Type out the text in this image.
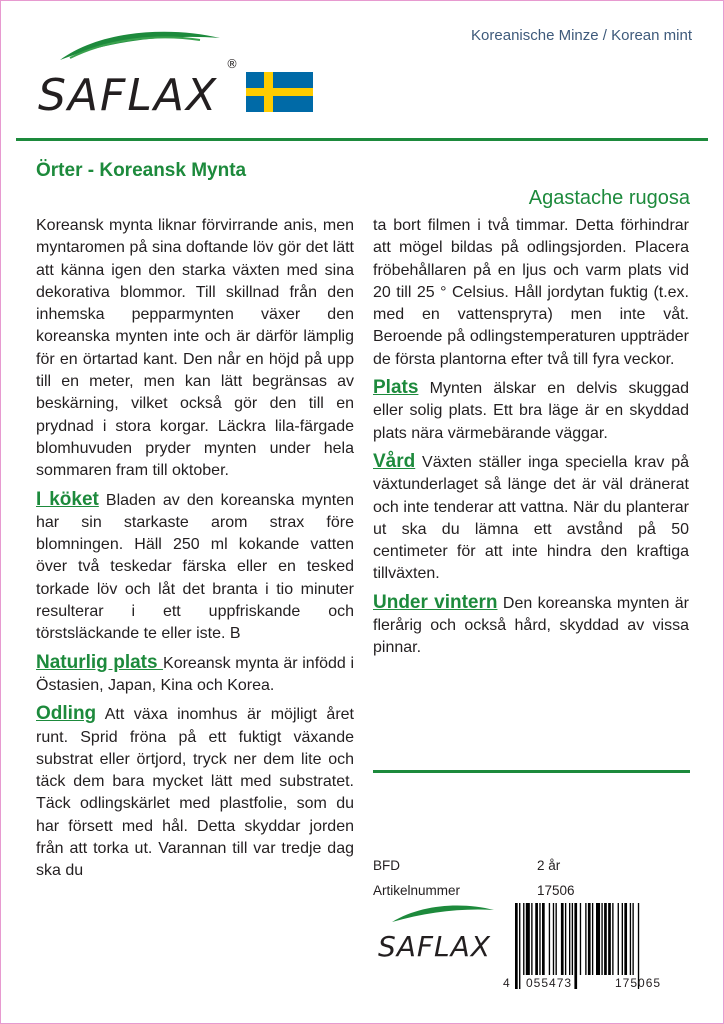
SAFLAX
®
Koreanische Minze / Korean mint
Örter - Koreansk Mynta
Agastache rugosa

Koreansk mynta liknar förvirrande anis, men myntaromen på sina doftande löv gör det lätt att känna igen den starka växten med sina dekorativa blommor. Till skillnad från den inhemska pepparmynten växer den koreanska mynten inte och är därför lämplig för en örtartad kant. Den når en höjd på upp till en meter, men kan lätt begränsas av beskärning, vilket också gör den till en prydnad i stora korgar. Läckra lila-färgade blomhuvuden pryder mynten under hela sommaren fram till oktober.

I köket Bladen av den koreanska mynten har sin starkaste arom strax före blomningen. Häll 250 ml kokande vatten över två teskedar färska eller en tesked torkade löv och låt det branta i tio minuter resulterar i ett uppfriskande och törstsläckande te eller iste. B

Naturlig plats Koreansk mynta är infödd i Östasien, Japan, Kina och Korea.

Odling Att växa inomhus är möjligt året runt. Sprid fröna på ett fuktigt växande substrat eller örtjord, tryck ner dem lite och täck dem bara mycket lätt med substratet. Täck odlingskärlet med plastfolie, som du har försett med hål. Detta skyddar jorden från att torka ut. Varannan till var tredje dag ska du

ta bort filmen i två timmar. Detta förhindrar att mögel bildas på odlingsjorden. Placera fröbehållaren på en ljus och varm plats vid 20 till 25 ° Celsius. Håll jordytan fuktig (t.ex. med en vattensprута) men inte våt. Beroende på odlingstemperaturen uppträder de första plantorna efter två till fyra veckor.

Plats Mynten älskar en delvis skuggad eller solig plats. Ett bra läge är en skyddad plats nära värmebärande väggar.

Vård Växten ställer inga speciella krav på växtunderlaget så länge det är väl dränerat och inte tenderar att vattna. När du planterar ut ska du lämna ett avstånd på 50 centimeter för att inte hindra den kraftiga tillväxten.

Under vintern Den koreanska mynten är flerårig och också hård, skyddad av vissa pinnar.

BFD	2 år
Artikelnummer	17506
SAFLAX
4 055473	175065
